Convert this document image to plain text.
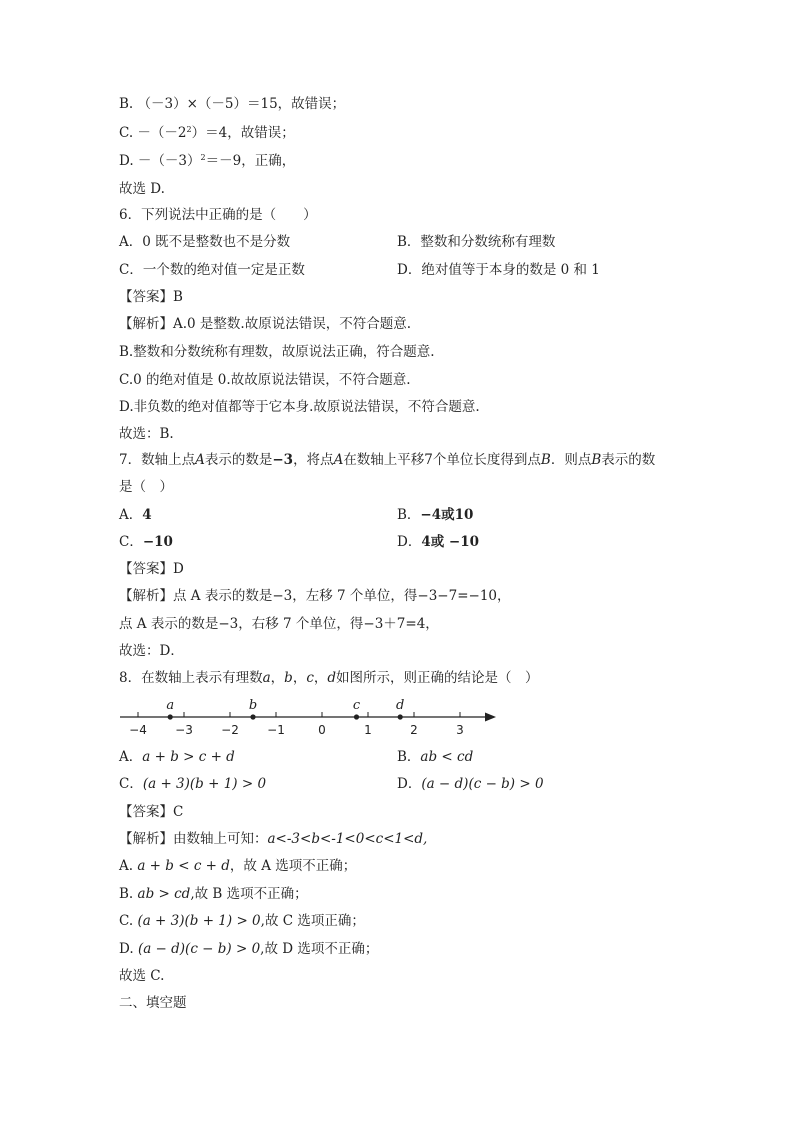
B. （－3）×（－5）＝15，故错误；
C. $-(-2^2)=4$，故错误；
D. $-(-3)^2=-9$，正确，
故选 D.
6．下列说法中正确的是（　　）
A．0 既不是整数也不是分数	B．整数和分数统称有理数
C．一个数的绝对值一定是正数	D．绝对值等于本身的数是 0 和 1
【答案】B
【解析】A.0 是整数.故原说法错误，不符合题意.
B.整数和分数统称有理数，故原说法正确，符合题意.
C.0 的绝对值是 0.故故原说法错误，不符合题意.
D.非负数的绝对值都等于它本身.故原说法错误，不符合题意.
故选：B.
7．数轴上点A表示的数是−3，将点A在数轴上平移7个单位长度得到点B．则点B表示的数
是（　）
A．4	B．−4或10
C．−10	D．4或 −10
【答案】D
【解析】点 A 表示的数是−3，左移 7 个单位，得−3−7=−10，
点 A 表示的数是−3，右移 7 个单位，得−3＋7=4，
故选：D．
8．在数轴上表示有理数a，b，c，d如图所示，则正确的结论是（　）
−4 −3 −2 −1	0	1	2	3
a	b	c	d
A．a + b > c + d	B．ab < cd
C．(a + 3)(b + 1) > 0	D．(a − d)(c − b) > 0
【答案】C
【解析】由数轴上可知：a<-3<b<-1<0<c<1<d,
A. a + b < c + d，故 A 选项不正确；
B. ab > cd,故 B 选项不正确；
C. (a + 3)(b + 1) > 0,故 C 选项正确；
D. (a − d)(c − b) > 0,故 D 选项不正确；
故选 C.
二、填空题
